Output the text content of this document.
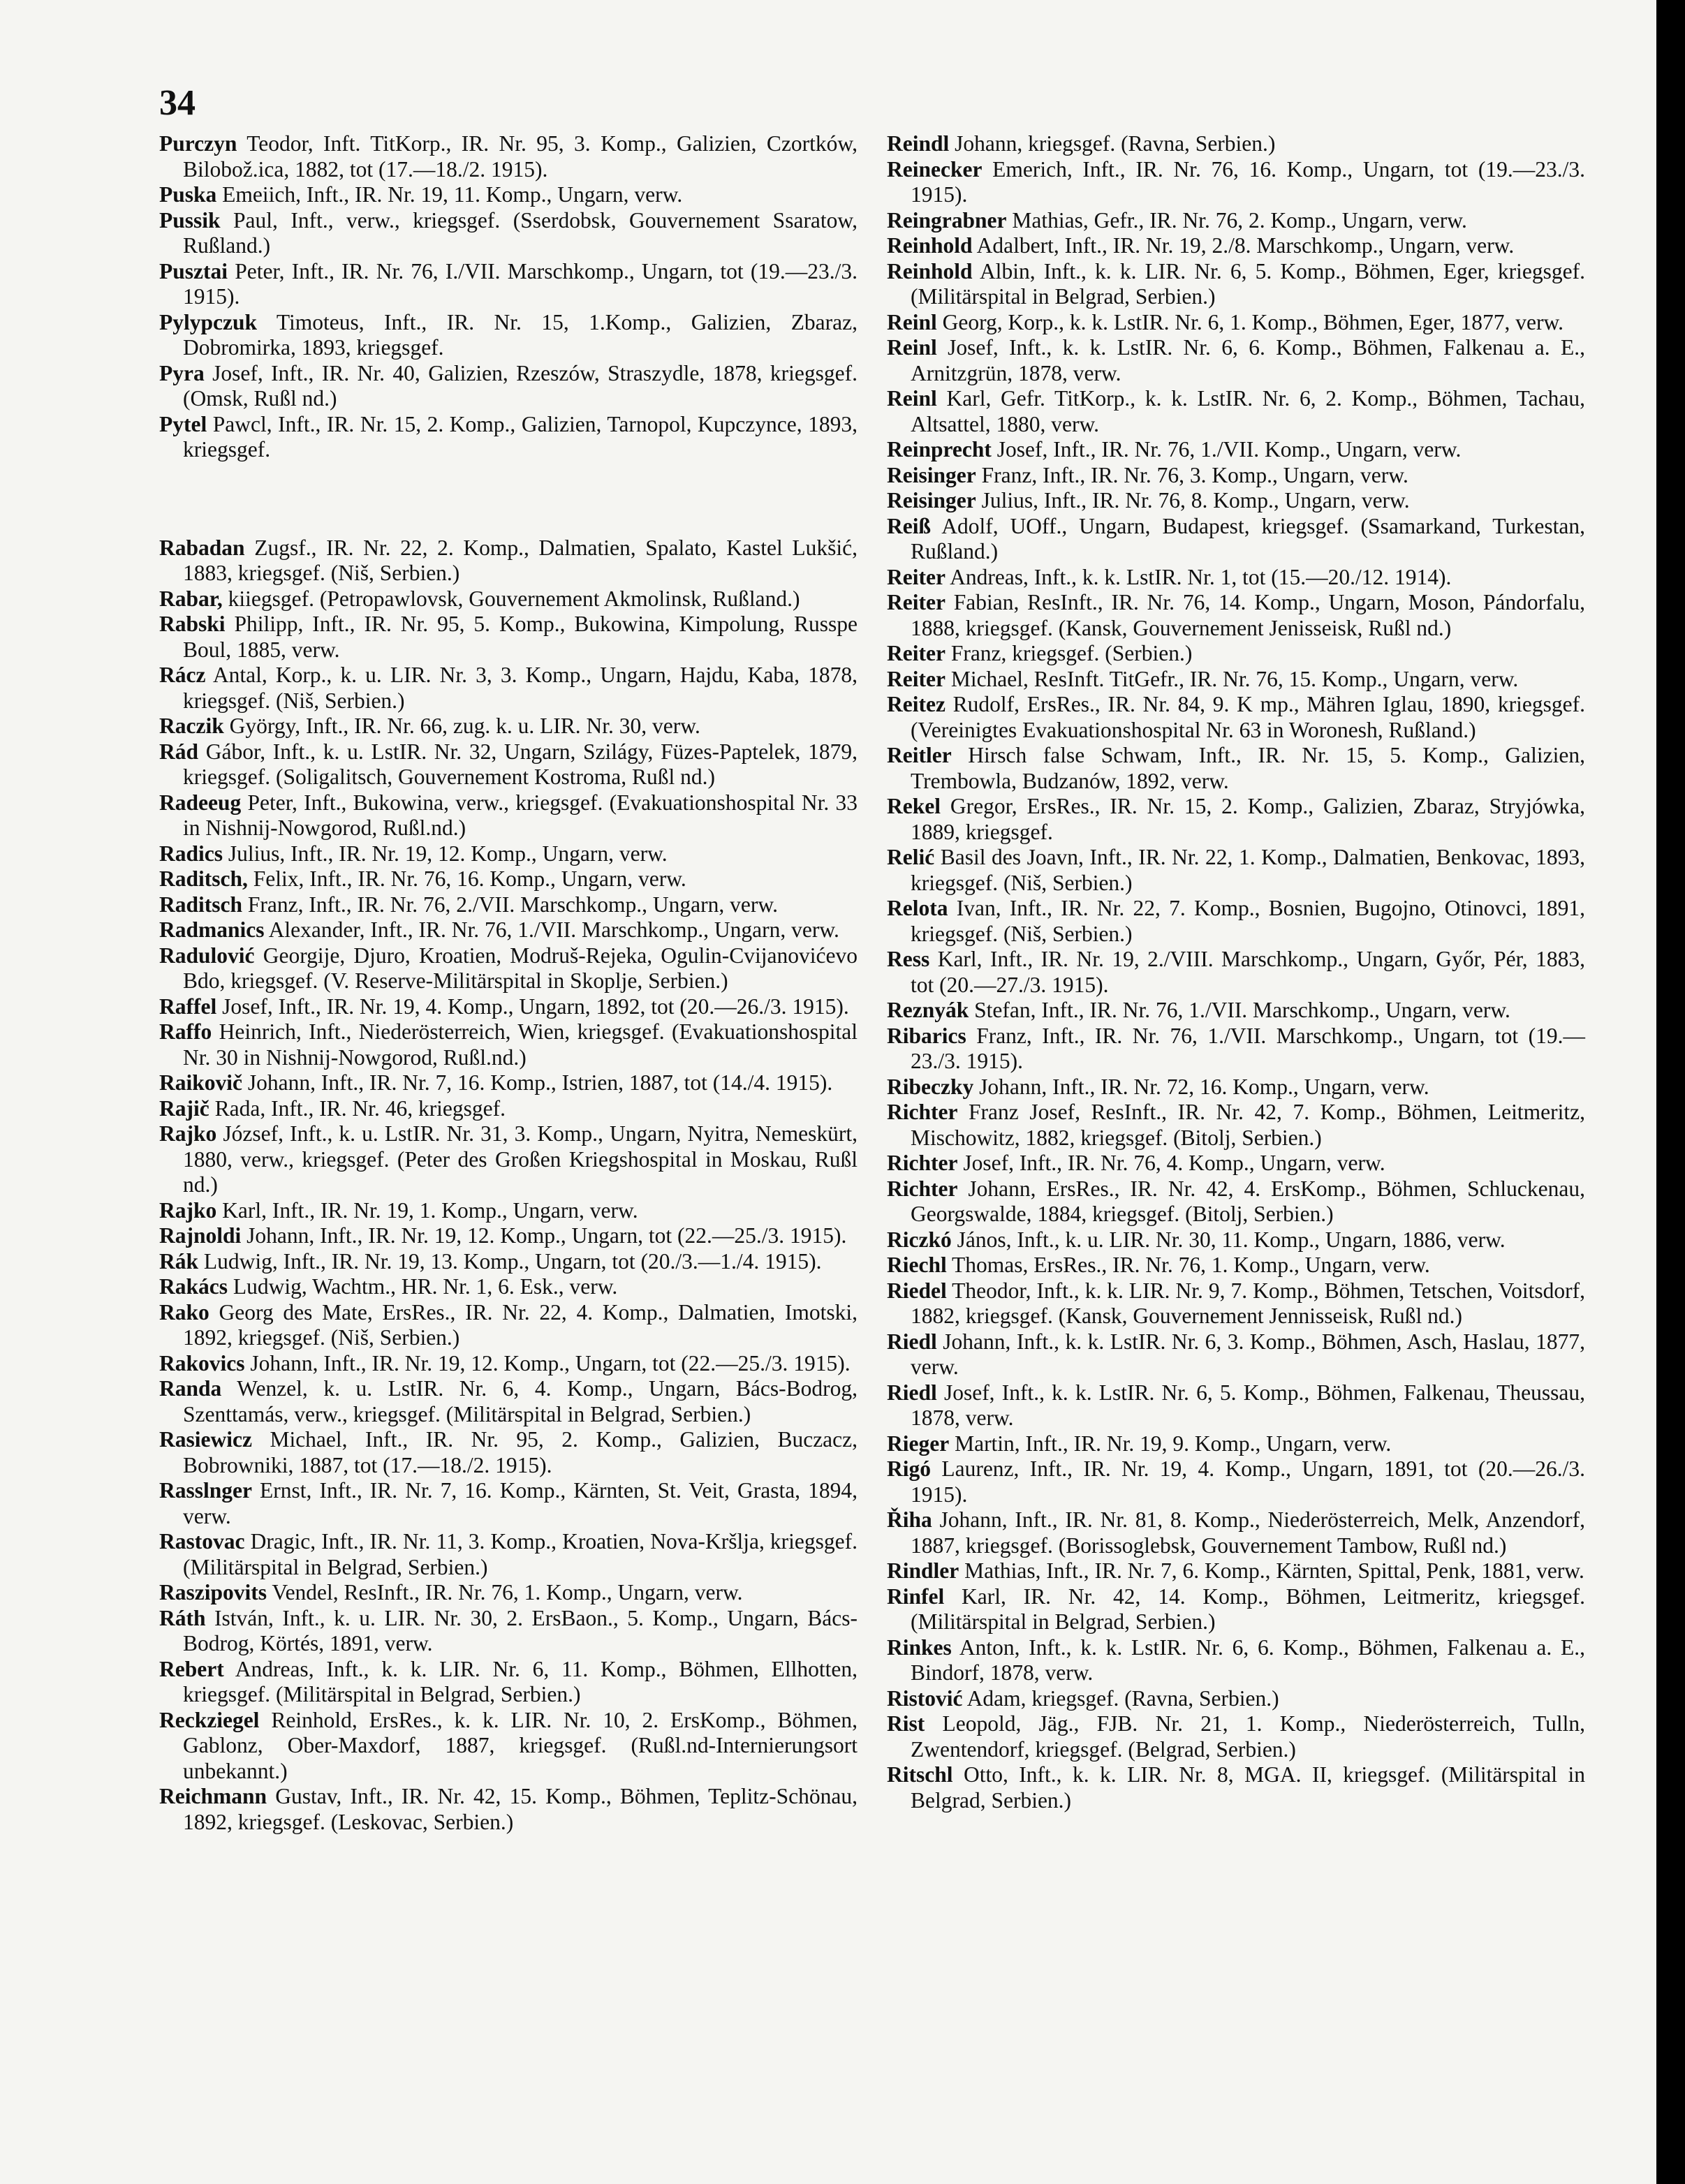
34

Purczyn Teodor, Inft. TitKorp., IR. Nr. 95, 3. Komp., Galizien, Czortków, Bilobož.ica, 1882, tot (17.—18./2. 1915).

Puska Emeiich, Inft., IR. Nr. 19, 11. Komp., Ungarn, verw.

Pussik Paul, Inft., verw., kriegsgef. (Sserdobsk, Gouvernement Ssaratow, Rußland.)

Pusztai Peter, Inft., IR. Nr. 76, I./VII. Marschkomp., Ungarn, tot (19.—23./3. 1915).

Pylypczuk Timoteus, Inft., IR. Nr. 15, 1.Komp., Galizien, Zbaraz, Dobromirka, 1893, kriegsgef.

Pyra Josef, Inft., IR. Nr. 40, Galizien, Rzeszów, Straszydle, 1878, kriegsgef. (Omsk, Rußl nd.)

Pytel Pawcl, Inft., IR. Nr. 15, 2. Komp., Galizien, Tarnopol, Kupczynce, 1893, kriegsgef.

Rabadan Zugsf., IR. Nr. 22, 2. Komp., Dalmatien, Spalato, Kastel Lukšić, 1883, kriegsgef. (Niš, Serbien.)

Rabar, kiiegsgef. (Petropawlovsk, Gouvernement Akmolinsk, Rußland.)

Rabski Philipp, Inft., IR. Nr. 95, 5. Komp., Bukowina, Kimpolung, Russpe Boul, 1885, verw.

Rácz Antal, Korp., k. u. LIR. Nr. 3, 3. Komp., Ungarn, Hajdu, Kaba, 1878, kriegsgef. (Niš, Serbien.)

Raczik György, Inft., IR. Nr. 66, zug. k. u. LIR. Nr. 30, verw.

Rád Gábor, Inft., k. u. LstIR. Nr. 32, Ungarn, Szilágy, Füzes-Paptelek, 1879, kriegsgef. (Soligalitsch, Gouvernement Kostroma, Rußl nd.)

Radeeug Peter, Inft., Bukowina, verw., kriegsgef. (Evakuationshospital Nr. 33 in Nishnij-Nowgorod, Rußl.nd.)

Radics Julius, Inft., IR. Nr. 19, 12. Komp., Ungarn, verw.

Raditsch, Felix, Inft., IR. Nr. 76, 16. Komp., Ungarn, verw.

Raditsch Franz, Inft., IR. Nr. 76, 2./VII. Marschkomp., Ungarn, verw.

Radmanics Alexander, Inft., IR. Nr. 76, 1./VII. Marschkomp., Ungarn, verw.

Radulović Georgije, Djuro, Kroatien, Modruš-Rejeka, Ogulin-Cvijanovićevo Bdo, kriegsgef. (V. Reserve-Militärspital in Skoplje, Serbien.)

Raffel Josef, Inft., IR. Nr. 19, 4. Komp., Ungarn, 1892, tot (20.—26./3. 1915).

Raffo Heinrich, Inft., Niederösterreich, Wien, kriegsgef. (Evakuationshospital Nr. 30 in Nishnij-Nowgorod, Rußl.nd.)

Raikovič Johann, Inft., IR. Nr. 7, 16. Komp., Istrien, 1887, tot (14./4. 1915).

Rajič Rada, Inft., IR. Nr. 46, kriegsgef.

Rajko József, Inft., k. u. LstIR. Nr. 31, 3. Komp., Ungarn, Nyitra, Nemeskürt, 1880, verw., kriegsgef. (Peter des Großen Kriegshospital in Moskau, Rußl nd.)

Rajko Karl, Inft., IR. Nr. 19, 1. Komp., Ungarn, verw.

Rajnoldi Johann, Inft., IR. Nr. 19, 12. Komp., Ungarn, tot (22.—25./3. 1915).

Rák Ludwig, Inft., IR. Nr. 19, 13. Komp., Ungarn, tot (20./3.—1./4. 1915).

Rakács Ludwig, Wachtm., HR. Nr. 1, 6. Esk., verw.

Rako Georg des Mate, ErsRes., IR. Nr. 22, 4. Komp., Dalmatien, Imotski, 1892, kriegsgef. (Niš, Serbien.)

Rakovics Johann, Inft., IR. Nr. 19, 12. Komp., Ungarn, tot (22.—25./3. 1915).

Randa Wenzel, k. u. LstIR. Nr. 6, 4. Komp., Ungarn, Bács-Bodrog, Szenttamás, verw., kriegsgef. (Militärspital in Belgrad, Serbien.)

Rasiewicz Michael, Inft., IR. Nr. 95, 2. Komp., Galizien, Buczacz, Bobrowniki, 1887, tot (17.—18./2. 1915).

Rasslnger Ernst, Inft., IR. Nr. 7, 16. Komp., Kärnten, St. Veit, Grasta, 1894, verw.

Rastovac Dragic, Inft., IR. Nr. 11, 3. Komp., Kroatien, Nova-Kršlja, kriegsgef. (Militärspital in Belgrad, Serbien.)

Raszipovits Vendel, ResInft., IR. Nr. 76, 1. Komp., Ungarn, verw.

Ráth István, Inft., k. u. LIR. Nr. 30, 2. ErsBaon., 5. Komp., Ungarn, Bács-Bodrog, Körtés, 1891, verw.

Rebert Andreas, Inft., k. k. LIR. Nr. 6, 11. Komp., Böhmen, Ellhotten, kriegsgef. (Militärspital in Belgrad, Serbien.)

Reckziegel Reinhold, ErsRes., k. k. LIR. Nr. 10, 2. ErsKomp., Böhmen, Gablonz, Ober-Maxdorf, 1887, kriegsgef. (Rußl.nd-Internierungsort unbekannt.)

Reichmann Gustav, Inft., IR. Nr. 42, 15. Komp., Böhmen, Teplitz-Schönau, 1892, kriegsgef. (Leskovac, Serbien.)

Reindl Johann, kriegsgef. (Ravna, Serbien.)

Reinecker Emerich, Inft., IR. Nr. 76, 16. Komp., Ungarn, tot (19.—23./3. 1915).

Reingrabner Mathias, Gefr., IR. Nr. 76, 2. Komp., Ungarn, verw.

Reinhold Adalbert, Inft., IR. Nr. 19, 2./8. Marschkomp., Ungarn, verw.

Reinhold Albin, Inft., k. k. LIR. Nr. 6, 5. Komp., Böhmen, Eger, kriegsgef. (Militärspital in Belgrad, Serbien.)

Reinl Georg, Korp., k. k. LstIR. Nr. 6, 1. Komp., Böhmen, Eger, 1877, verw.

Reinl Josef, Inft., k. k. LstIR. Nr. 6, 6. Komp., Böhmen, Falkenau a. E., Arnitzgrün, 1878, verw.

Reinl Karl, Gefr. TitKorp., k. k. LstIR. Nr. 6, 2. Komp., Böhmen, Tachau, Altsattel, 1880, verw.

Reinprecht Josef, Inft., IR. Nr. 76, 1./VII. Komp., Ungarn, verw.

Reisinger Franz, Inft., IR. Nr. 76, 3. Komp., Ungarn, verw.

Reisinger Julius, Inft., IR. Nr. 76, 8. Komp., Ungarn, verw.

Reiß Adolf, UOff., Ungarn, Budapest, kriegsgef. (Ssamarkand, Turkestan, Rußland.)

Reiter Andreas, Inft., k. k. LstIR. Nr. 1, tot (15.—20./12. 1914).

Reiter Fabian, ResInft., IR. Nr. 76, 14. Komp., Ungarn, Moson, Pándorfalu, 1888, kriegsgef. (Kansk, Gouvernement Jenisseisk, Rußl nd.)

Reiter Franz, kriegsgef. (Serbien.)

Reiter Michael, ResInft. TitGefr., IR. Nr. 76, 15. Komp., Ungarn, verw.

Reitez Rudolf, ErsRes., IR. Nr. 84, 9. K mp., Mähren Iglau, 1890, kriegsgef. (Vereinigtes Evakuationshospital Nr. 63 in Woronesh, Rußland.)

Reitler Hirsch false Schwam, Inft., IR. Nr. 15, 5. Komp., Galizien, Trembowla, Budzanów, 1892, verw.

Rekel Gregor, ErsRes., IR. Nr. 15, 2. Komp., Galizien, Zbaraz, Stryjówka, 1889, kriegsgef.

Relić Basil des Joavn, Inft., IR. Nr. 22, 1. Komp., Dalmatien, Benkovac, 1893, kriegsgef. (Niš, Serbien.)

Relota Ivan, Inft., IR. Nr. 22, 7. Komp., Bosnien, Bugojno, Otinovci, 1891, kriegsgef. (Niš, Serbien.)

Ress Karl, Inft., IR. Nr. 19, 2./VIII. Marschkomp., Ungarn, Győr, Pér, 1883, tot (20.—27./3. 1915).

Reznyák Stefan, Inft., IR. Nr. 76, 1./VII. Marschkomp., Ungarn, verw.

Ribarics Franz, Inft., IR. Nr. 76, 1./VII. Marschkomp., Ungarn, tot (19.—23./3. 1915).

Ribeczky Johann, Inft., IR. Nr. 72, 16. Komp., Ungarn, verw.

Richter Franz Josef, ResInft., IR. Nr. 42, 7. Komp., Böhmen, Leitmeritz, Mischowitz, 1882, kriegsgef. (Bitolj, Serbien.)

Richter Josef, Inft., IR. Nr. 76, 4. Komp., Ungarn, verw.

Richter Johann, ErsRes., IR. Nr. 42, 4. ErsKomp., Böhmen, Schluckenau, Georgswalde, 1884, kriegsgef. (Bitolj, Serbien.)

Riczkó János, Inft., k. u. LIR. Nr. 30, 11. Komp., Ungarn, 1886, verw.

Riechl Thomas, ErsRes., IR. Nr. 76, 1. Komp., Ungarn, verw.

Riedel Theodor, Inft., k. k. LIR. Nr. 9, 7. Komp., Böhmen, Tetschen, Voitsdorf, 1882, kriegsgef. (Kansk, Gouvernement Jennisseisk, Rußl nd.)

Riedl Johann, Inft., k. k. LstIR. Nr. 6, 3. Komp., Böhmen, Asch, Haslau, 1877, verw.

Riedl Josef, Inft., k. k. LstIR. Nr. 6, 5. Komp., Böhmen, Falkenau, Theussau, 1878, verw.

Rieger Martin, Inft., IR. Nr. 19, 9. Komp., Ungarn, verw.

Rigó Laurenz, Inft., IR. Nr. 19, 4. Komp., Ungarn, 1891, tot (20.—26./3. 1915).

Řiha Johann, Inft., IR. Nr. 81, 8. Komp., Niederösterreich, Melk, Anzendorf, 1887, kriegsgef. (Borissoglebsk, Gouvernement Tambow, Rußl nd.)

Rindler Mathias, Inft., IR. Nr. 7, 6. Komp., Kärnten, Spittal, Penk, 1881, verw.

Rinfel Karl, IR. Nr. 42, 14. Komp., Böhmen, Leitmeritz, kriegsgef. (Militärspital in Belgrad, Serbien.)

Rinkes Anton, Inft., k. k. LstIR. Nr. 6, 6. Komp., Böhmen, Falkenau a. E., Bindorf, 1878, verw.

Ristović Adam, kriegsgef. (Ravna, Serbien.)

Rist Leopold, Jäg., FJB. Nr. 21, 1. Komp., Niederösterreich, Tulln, Zwentendorf, kriegsgef. (Belgrad, Serbien.)

Ritschl Otto, Inft., k. k. LIR. Nr. 8, MGA. II, kriegsgef. (Militärspital in Belgrad, Serbien.)
